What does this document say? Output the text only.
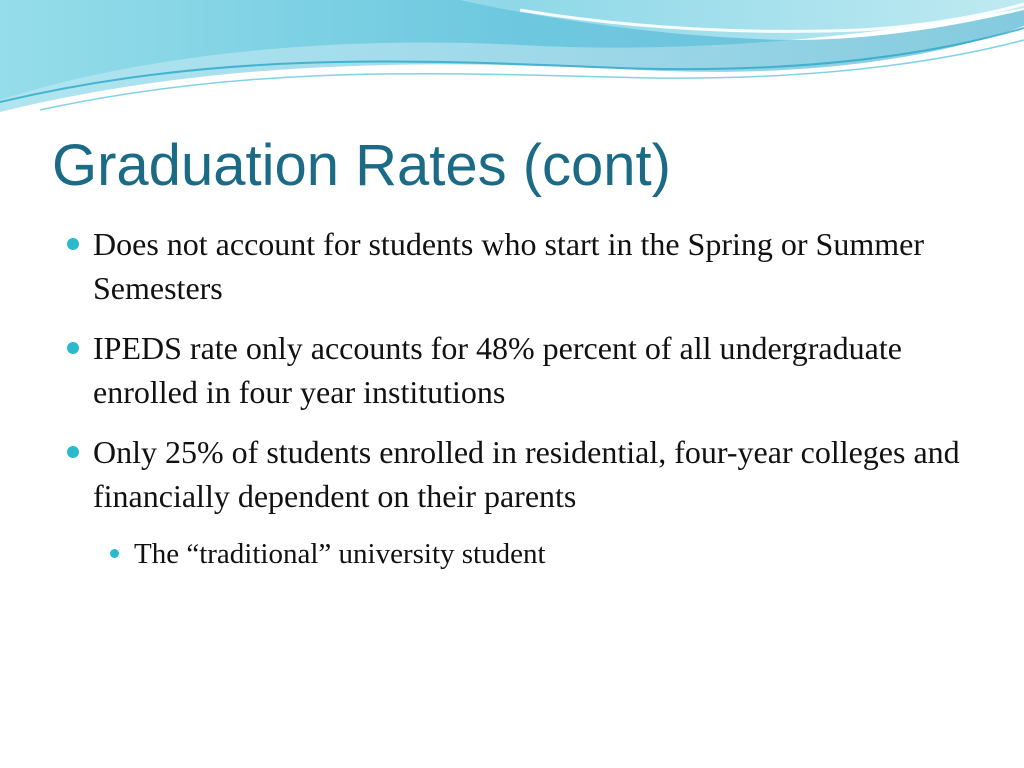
Graduation Rates (cont)
Does not account for students who start in the Spring or Summer Semesters
IPEDS rate only accounts for 48% percent of all undergraduate enrolled in four year institutions
Only 25% of students enrolled in residential, four-year colleges and financially dependent on their parents
The “traditional” university student
